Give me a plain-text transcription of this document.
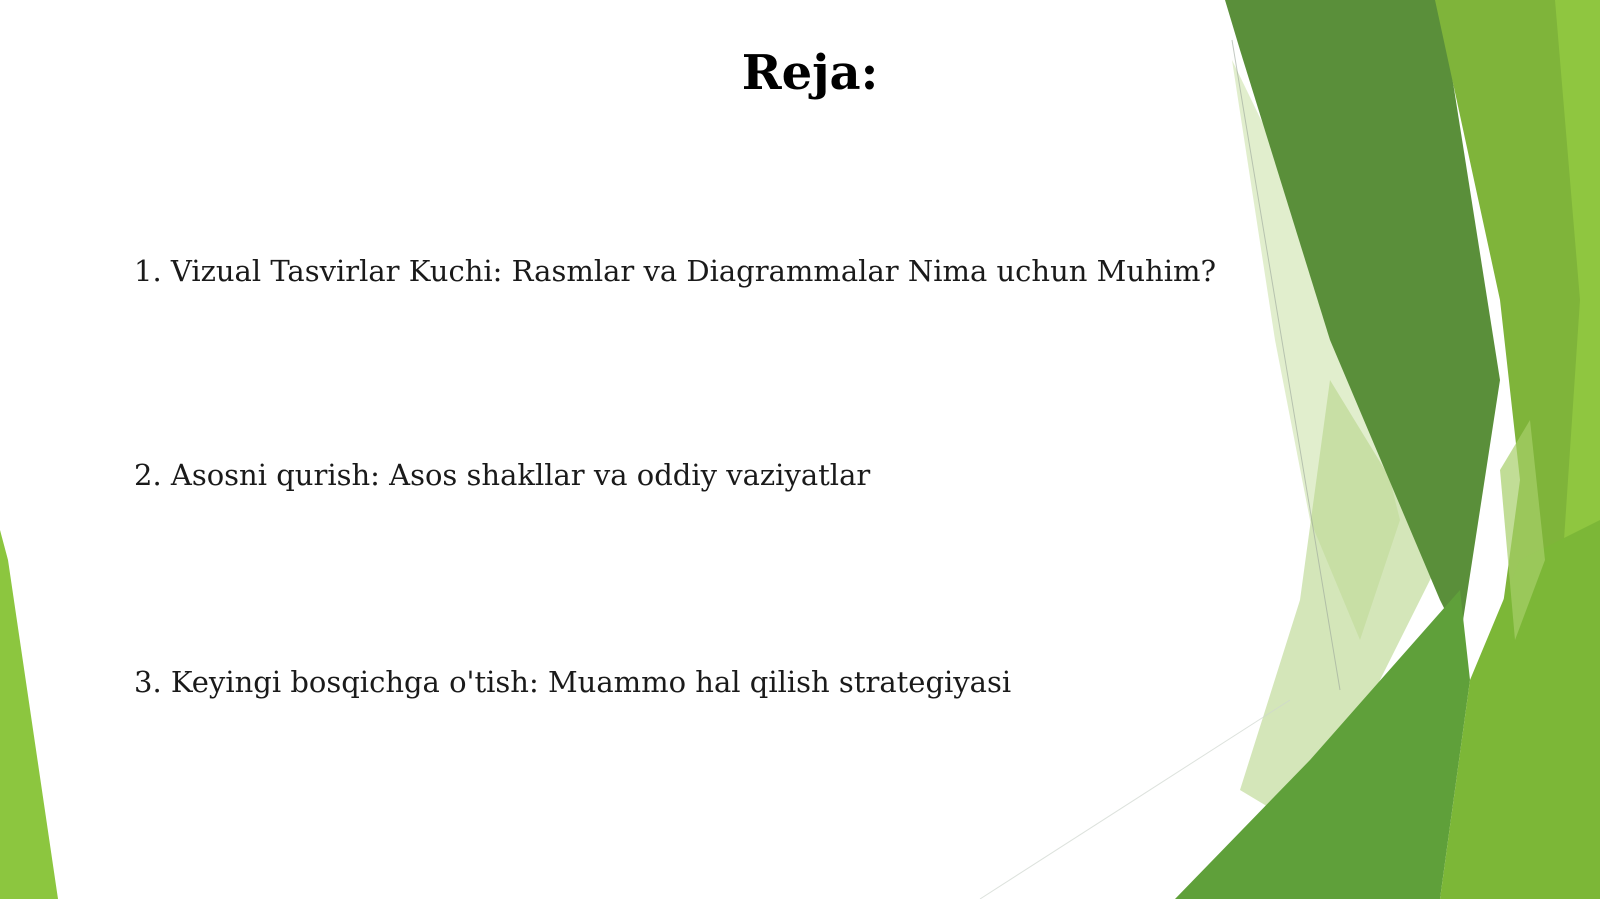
Reja:

1. Vizual Tasvirlar Kuchi: Rasmlar va Diagrammalar Nima uchun Muhim?

2. Asosni qurish: Asos shakllar va oddiy vaziyatlar

3. Keyingi bosqichga o'tish: Muammo hal qilish strategiyasi
